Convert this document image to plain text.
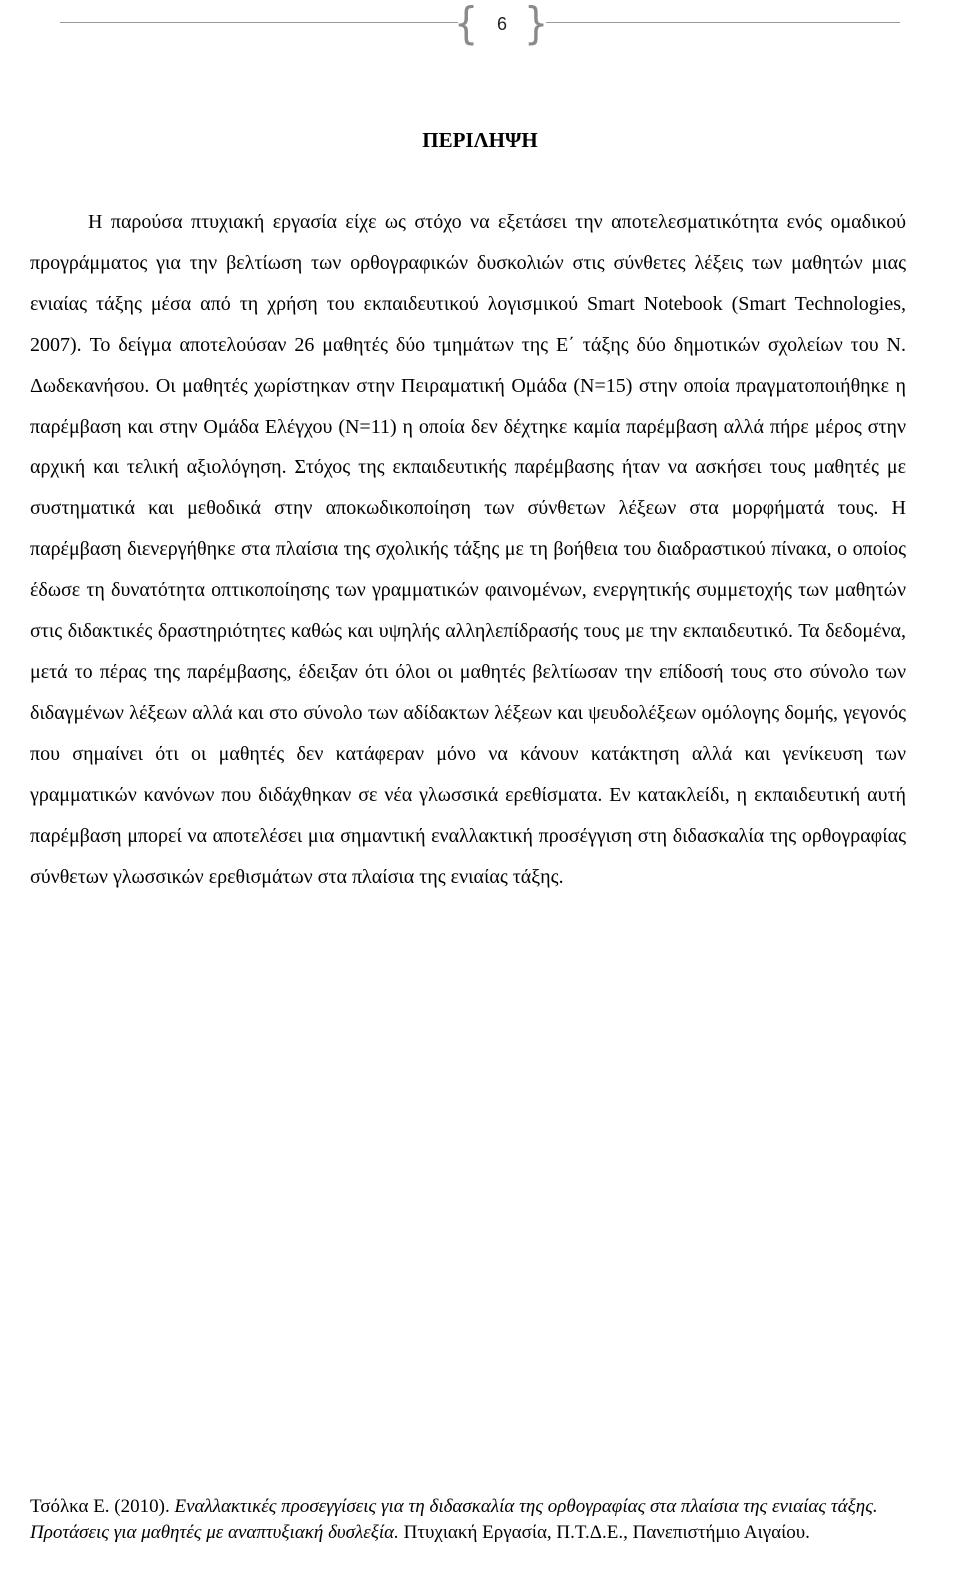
{ }
6
ΠΕΡΙΛΗΨΗ

Η παρούσα πτυχιακή εργασία είχε ως στόχο να εξετάσει την αποτελεσματικότητα ενός ομαδικού προγράμματος για την βελτίωση των ορθογραφικών δυσκολιών στις σύνθετες λέξεις των μαθητών μιας ενιαίας τάξης μέσα από τη χρήση του εκπαιδευτικού λογισμικού Smart Notebook (Smart Technologies, 2007). Το δείγμα αποτελούσαν 26 μαθητές δύο τμημάτων της Ε΄ τάξης δύο δημοτικών σχολείων του Ν. Δωδεκανήσου. Οι μαθητές χωρίστηκαν στην Πειραματική Ομάδα (Ν=15) στην οποία πραγματοποιήθηκε η παρέμβαση και στην Ομάδα Ελέγχου (Ν=11) η οποία δεν δέχτηκε καμία παρέμβαση αλλά πήρε μέρος στην αρχική και τελική αξιολόγηση. Στόχος της εκπαιδευτικής παρέμβασης ήταν να ασκήσει τους μαθητές με συστηματικά και μεθοδικά στην αποκωδικοποίηση των σύνθετων λέξεων στα μορφήματά τους. Η παρέμβαση διενεργήθηκε στα πλαίσια της σχολικής τάξης με τη βοήθεια του διαδραστικού πίνακα, ο οποίος έδωσε τη δυνατότητα οπτικοποίησης των γραμματικών φαινομένων, ενεργητικής συμμετοχής των μαθητών στις διδακτικές δραστηριότητες καθώς και υψηλής αλληλεπίδρασής τους με την εκπαιδευτικό. Τα δεδομένα, μετά το πέρας της παρέμβασης, έδειξαν ότι όλοι οι μαθητές βελτίωσαν την επίδοσή τους στο σύνολο των διδαγμένων λέξεων αλλά και στο σύνολο των αδίδακτων λέξεων και ψευδολέξεων ομόλογης δομής, γεγονός που σημαίνει ότι οι μαθητές δεν κατάφεραν μόνο να κάνουν κατάκτηση αλλά και γενίκευση των γραμματικών κανόνων που διδάχθηκαν σε νέα γλωσσικά ερεθίσματα. Εν κατακλείδι, η εκπαιδευτική αυτή παρέμβαση μπορεί να αποτελέσει μια σημαντική εναλλακτική προσέγγιση στη διδασκαλία της ορθογραφίας σύνθετων γλωσσικών ερεθισμάτων στα πλαίσια της ενιαίας τάξης.

Τσόλκα Ε. (2010). Εναλλακτικές προσεγγίσεις για τη διδασκαλία της ορθογραφίας στα πλαίσια της ενιαίας τάξης. Προτάσεις για μαθητές με αναπτυξιακή δυσλεξία. Πτυχιακή Εργασία, Π.Τ.Δ.Ε., Πανεπιστήμιο Αιγαίου.
